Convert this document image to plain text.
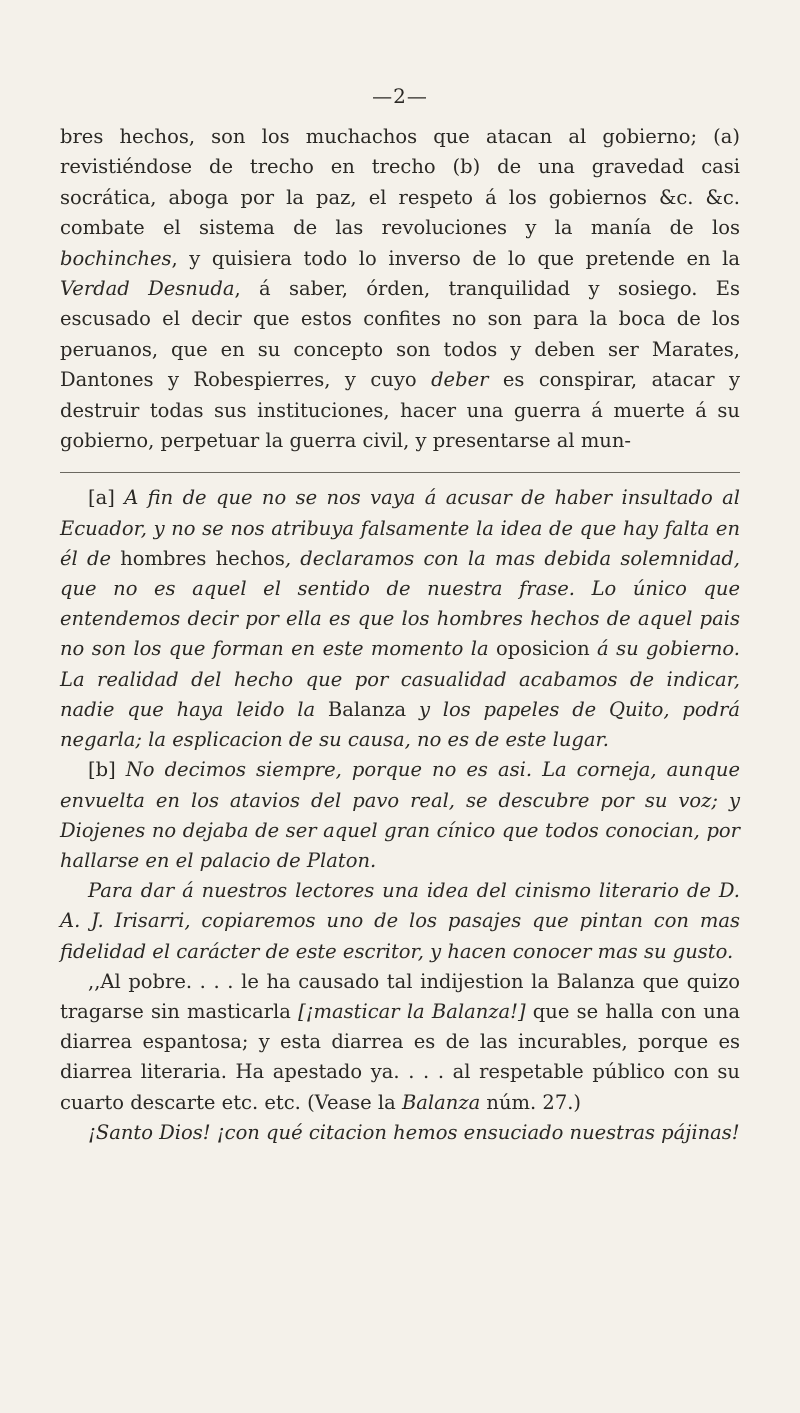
—2—
bres hechos, son los muchachos que atacan al gobierno; (a) revistiéndose de trecho en trecho (b) de una gravedad casi socrática, aboga por la paz, el respeto á los gobiernos &c. &c. combate el sistema de las revoluciones y la manía de los bochinches, y quisiera todo lo inverso de lo que pretende en la Verdad Desnuda, á saber, órden, tranquilidad y sosiego. Es escusado el decir que estos confites no son para la boca de los peruanos, que en su concepto son todos y deben ser Marates, Dantones y Robespierres, y cuyo deber es conspirar, atacar y destruir todas sus instituciones, hacer una guerra á muerte á su gobierno, perpetuar la guerra civil, y presentarse al mun-

[a] A fin de que no se nos vaya á acusar de haber insultado al Ecuador, y no se nos atribuya falsamente la idea de que hay falta en él de hombres hechos, declaramos con la mas debida solemnidad, que no es aquel el sentido de nuestra frase. Lo único que entendemos decir por ella es que los hombres hechos de aquel pais no son los que forman en este momento la oposicion á su gobierno. La realidad del hecho que por casualidad acabamos de indicar, nadie que haya leido la Balanza y los papeles de Quito, podrá negarla; la esplicacion de su causa, no es de este lugar.

[b] No decimos siempre, porque no es asi. La corneja, aunque envuelta en los atavios del pavo real, se descubre por su voz; y Diojenes no dejaba de ser aquel gran cínico que todos conocian, por hallarse en el palacio de Platon.

Para dar á nuestros lectores una idea del cinismo literario de D. A. J. Irisarri, copiaremos uno de los pasajes que pintan con mas fidelidad el carácter de este escritor, y hacen conocer mas su gusto.

,,Al pobre. . . . le ha causado tal indijestion la Balanza que quizo tragarse sin masticarla [¡masticar la Balanza!] que se halla con una diarrea espantosa; y esta diarrea es de las incurables, porque es diarrea literaria. Ha apestado ya. . . . al respetable público con su cuarto descarte etc. etc. (Vease la Balanza núm. 27.)

¡Santo Dios! ¡con qué citacion hemos ensuciado nuestras pájinas!
